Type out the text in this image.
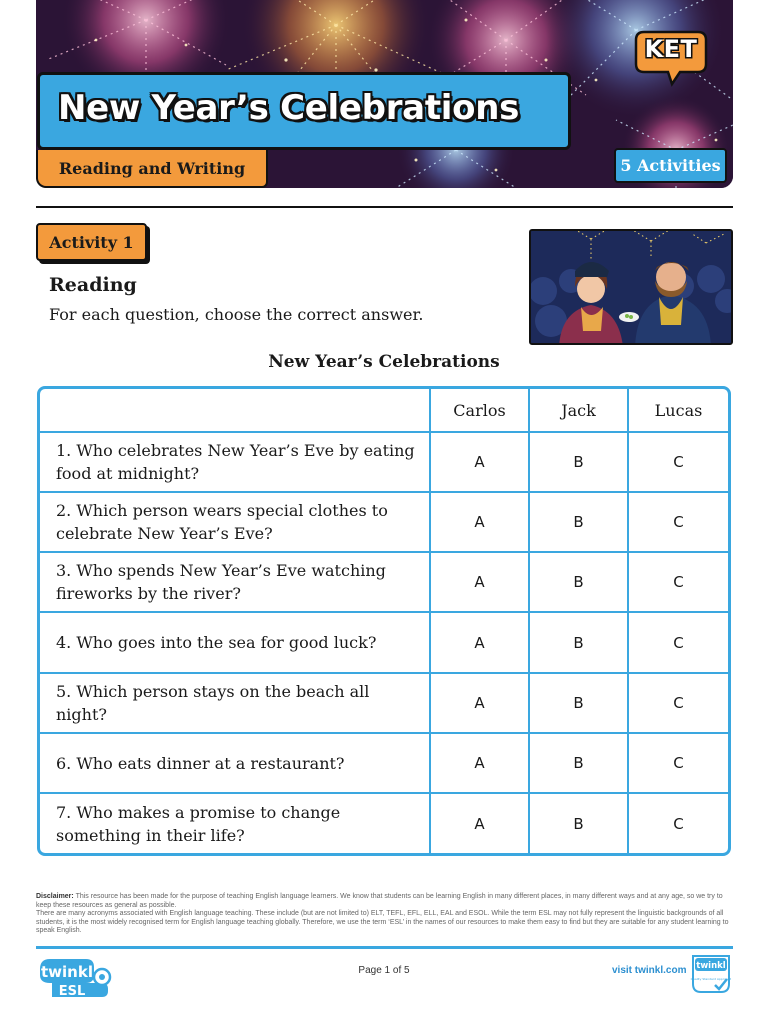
New Year’s Celebrations
KET
Reading and Writing	5 Activities
Activity 1
Reading
For each question, choose the correct answer.
New Year’s Celebrations
Carlos	Jack	Lucas
1. Who celebrates New Year’s Eve by eating food at midnight?
A	B	C
2. Which person wears special clothes to celebrate New Year’s Eve?
A	B	C
3. Who spends New Year’s Eve watching fireworks by the river?
A	B	C
4. Who goes into the sea for good luck?	A	B	C
5. Which person stays on the beach all night?
A	B	C
6. Who eats dinner at a restaurant?	A	B	C
7. Who makes a promise to change something in their life?
A	B	C
Disclaimer: This resource has been made for the purpose of teaching English language learners. We know that students can be learning English in many different places, in many different ways and at any age, so we try to keep these resources as general as possible.
There are many acronyms associated with English language teaching. These include (but are not limited to) ELT, TEFL, EFL, ELL, EAL and ESOL. While the term ESL may not fully represent the linguistic backgrounds of all students, it is the most widely recognised term for English language teaching globally. Therefore, we use the term ‘ESL’ in the names of our resources to make them easy to find but they are suitable for any student learning to speak English.
twinkl
ESL
Page 1 of 5	visit twinkl.com twinkl
Quality Standard Approved
